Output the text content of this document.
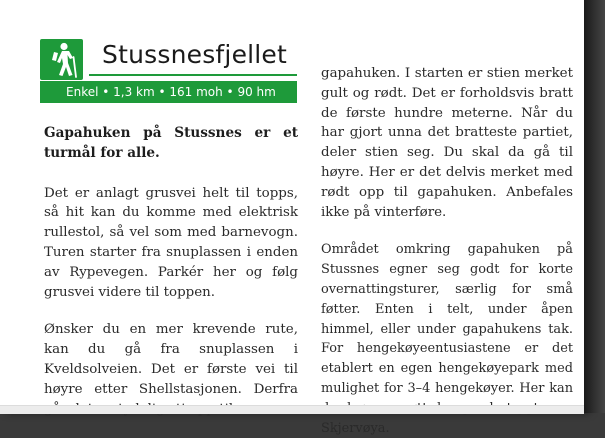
Stussnesfjellet
Enkel • 1,3 km • 161 moh • 90 hm

Gapahuken på Stussnes er et turmål for alle.

Det er anlagt grusvei helt til topps, så hit kan du komme med elektrisk rullestol, så vel som med barnevogn. Turen starter fra snuplassen i enden av Rypevegen. Parkér her og følg grusvei videre til toppen.

Ønsker du en mer krevende rute, kan du gå fra snuplassen i Kveldsolveien. Det er første vei til høyre etter Shellstasjonen. Derfra

gapahuken. I starten er stien merket gult og rødt. Det er forholdsvis bratt de første hundre meterne. Når du har gjort unna det bratteste partiet, deler stien seg. Du skal da gå til høyre. Her er det delvis merket med rødt opp til gapahuken. Anbefales ikke på vinterføre.

Området omkring gapahuken på Stussnes egner seg godt for korte overnattingsturer, særlig for små føtter. Enten i telt, under åpen himmel, eller under gapahukens tak. For hengekøyeentusiastene er det etablert en egen hengekøyepark med mulighet for 3–4 hengekøyer. Her kan Skjervøya.
